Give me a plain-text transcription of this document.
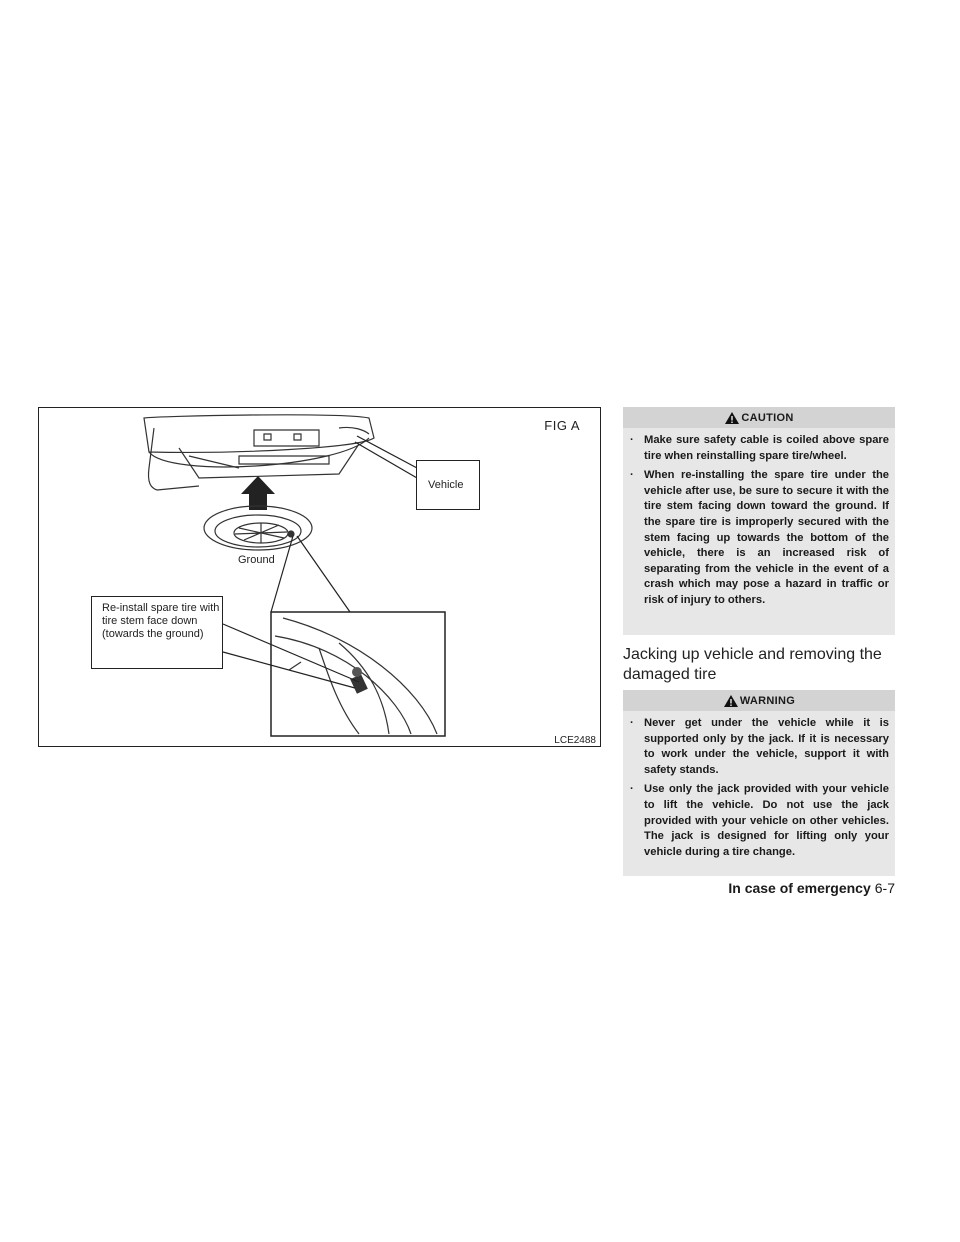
FIG A
Vehicle
Ground
Re-install spare tire with tire stem face down (towards the ground)
LCE2488
CAUTION
· Make sure safety cable is coiled above spare tire when reinstalling spare tire/wheel.
· When re-installing the spare tire under the vehicle after use, be sure to secure it with the tire stem facing down toward the ground. If the spare tire is improperly secured with the stem facing up towards the bottom of the vehicle, there is an increased risk of separating from the vehicle in the event of a crash which may pose a hazard in traffic or risk of injury to others.
Jacking up vehicle and removing the damaged tire
WARNING
· Never get under the vehicle while it is supported only by the jack. If it is necessary to work under the vehicle, support it with safety stands.
· Use only the jack provided with your vehicle to lift the vehicle. Do not use the jack provided with your vehicle on other vehicles. The jack is designed for lifting only your vehicle during a tire change.
In case of emergency 6-7
